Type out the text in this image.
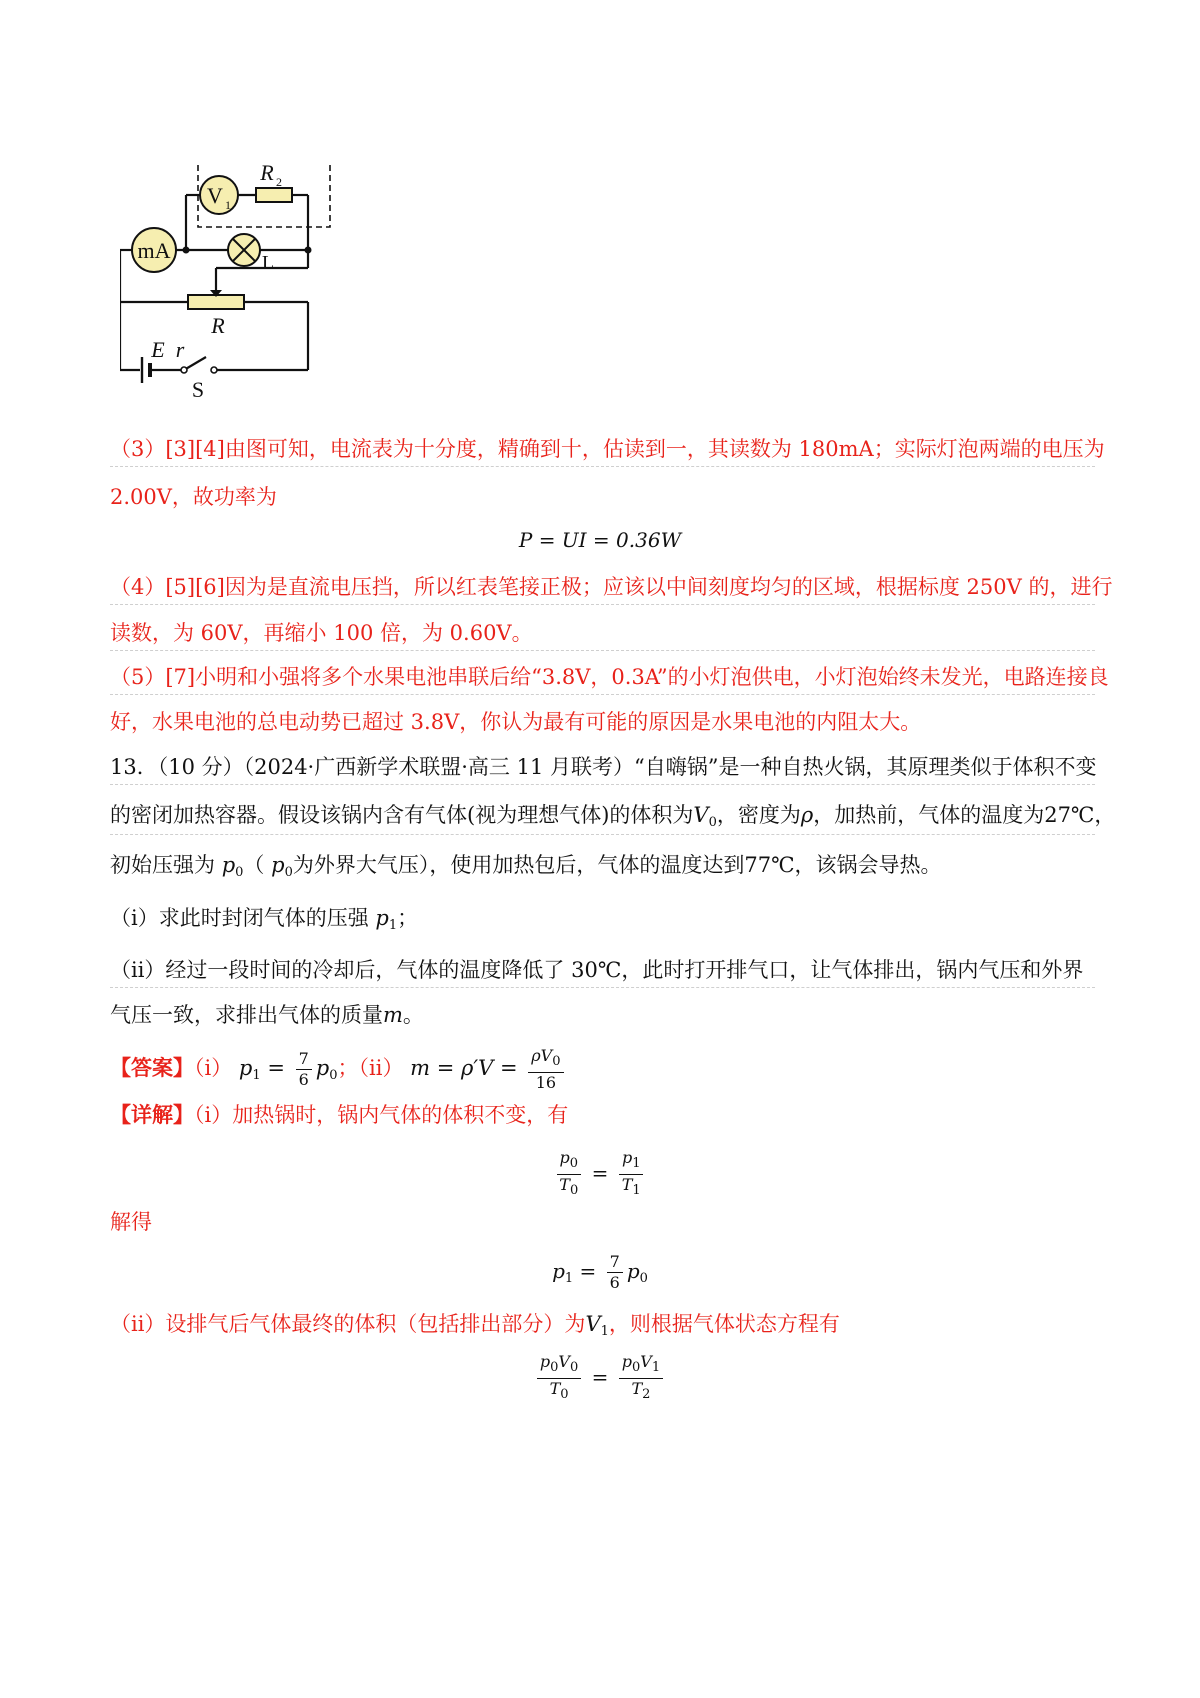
mA
V 1
R 2
L
R
E r
S
（3）[3][4]由图可知，电流表为十分度，精确到十，估读到一，其读数为 180mA；实际灯泡两端的电压为
2.00V，故功率为
P = UI = 0.36W
（4）[5][6]因为是直流电压挡，所以红表笔接正极；应该以中间刻度均匀的区域，根据标度 250V 的，进行
读数，为 60V，再缩小 100 倍，为 0.60V。
（5）[7]小明和小强将多个水果电池串联后给“3.8V，0.3A”的小灯泡供电，小灯泡始终未发光，电路连接良
好，水果电池的总电动势已超过 3.8V，你认为最有可能的原因是水果电池的内阻太大。
13．（10 分）（2024·广西新学术联盟·高三 11 月联考）“自嗨锅”是一种自热火锅，其原理类似于体积不变
的密闭加热容器。假设该锅内含有气体(视为理想气体)的体积为$V_0$，密度为ρ，加热前，气体的温度为27℃，
初始压强为 $p_0$（ $p_0$为外界大气压），使用加热包后，气体的温度达到77℃，该锅会导热。
（ⅰ）求此时封闭气体的压强 $p_1$；
（ⅱ）经过一段时间的冷却后，气体的温度降低了 30℃，此时打开排气口，让气体排出，锅内气压和外界
气压一致，求排出气体的质量m。
【答案】（ⅰ） $p_1 = \frac{7}{6} p_0$；（ⅱ） $m = \rho'V = \frac{\rho V_0}{16}$
【详解】（ⅰ）加热锅时，锅内气体的体积不变，有
$\frac{p_0}{T_0} = \frac{p_1}{T_1}$
解得
$p_1 = \frac{7}{6} p_0$
（ⅱ）设排气后气体最终的体积（包括排出部分）为$V_1$，则根据气体状态方程有
$\frac{p_0V_0}{T_0} = \frac{p_0V_1}{T_2}$
